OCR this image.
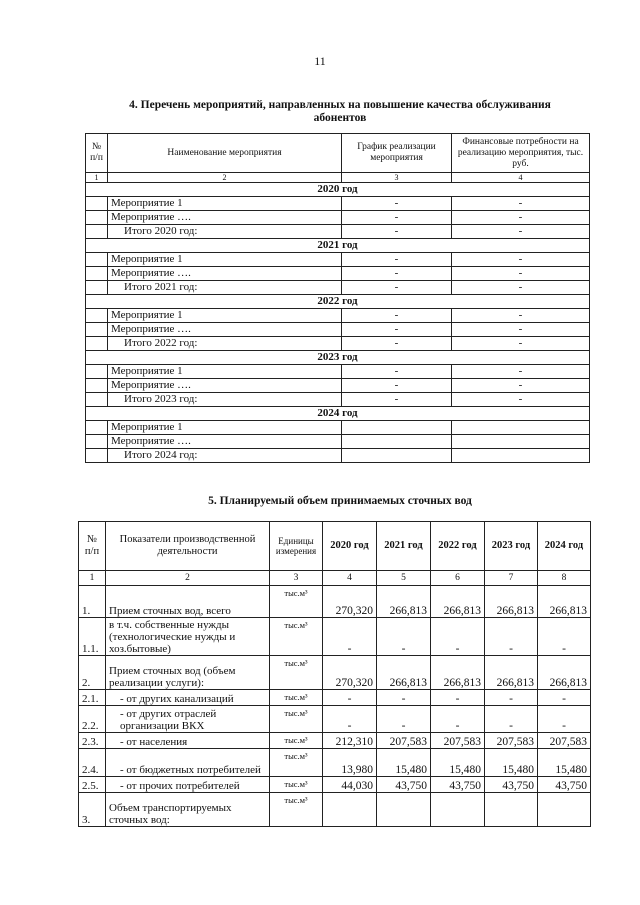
11
4. Перечень мероприятий, направленных на повышение качества обслуживания
абонентов
№ п/п	Наименование мероприятия	График реализации мероприятия	Финансовые потребности на реализацию мероприятия, тыс. руб.
1	2	3	4
2020 год			
	Мероприятие 1	-	-
	Мероприятие ….	-	-
	Итого 2020 год:	-	-
2021 год			
	Мероприятие 1	-	-
	Мероприятие ….	-	-
	Итого 2021 год:	-	-
2022 год			
	Мероприятие 1	-	-
	Мероприятие ….	-	-
	Итого 2022 год:	-	-
2023 год			
	Мероприятие 1	-	-
	Мероприятие ….	-	-
	Итого 2023 год:	-	-
2024 год			
	Мероприятие 1		
	Мероприятие ….		
	Итого 2024 год:		
5. Планируемый объем принимаемых сточных вод
№ п/п	Показатели производственной деятельности	Единицы измерения	2020 год	2021 год	2022 год	2023 год	2024 год
1	2	3	4	5	6	7	8
1.	Прием сточных вод, всего	тыс.м³	270,320	266,813	266,813	266,813	266,813
1.1.	в т.ч. собственные нужды (технологические нужды и хоз.бытовые)	тыс.м³	-	-	-	-	-
2.	Прием сточных вод (объем реализации услуги):	тыс.м³	270,320	266,813	266,813	266,813	266,813
2.1.	- от других канализаций	тыс.м³	-	-	-	-	-
2.2.	- от других отраслей организации ВКХ	тыс.м³	-	-	-	-	-
2.3.	- от населения	тыс.м³	212,310	207,583	207,583	207,583	207,583
2.4.	- от бюджетных потребителей	тыс.м³	13,980	15,480	15,480	15,480	15,480
2.5.	- от прочих потребителей	тыс.м³	44,030	43,750	43,750	43,750	43,750
3.	Объем транспортируемых сточных вод:	тыс.м³					
